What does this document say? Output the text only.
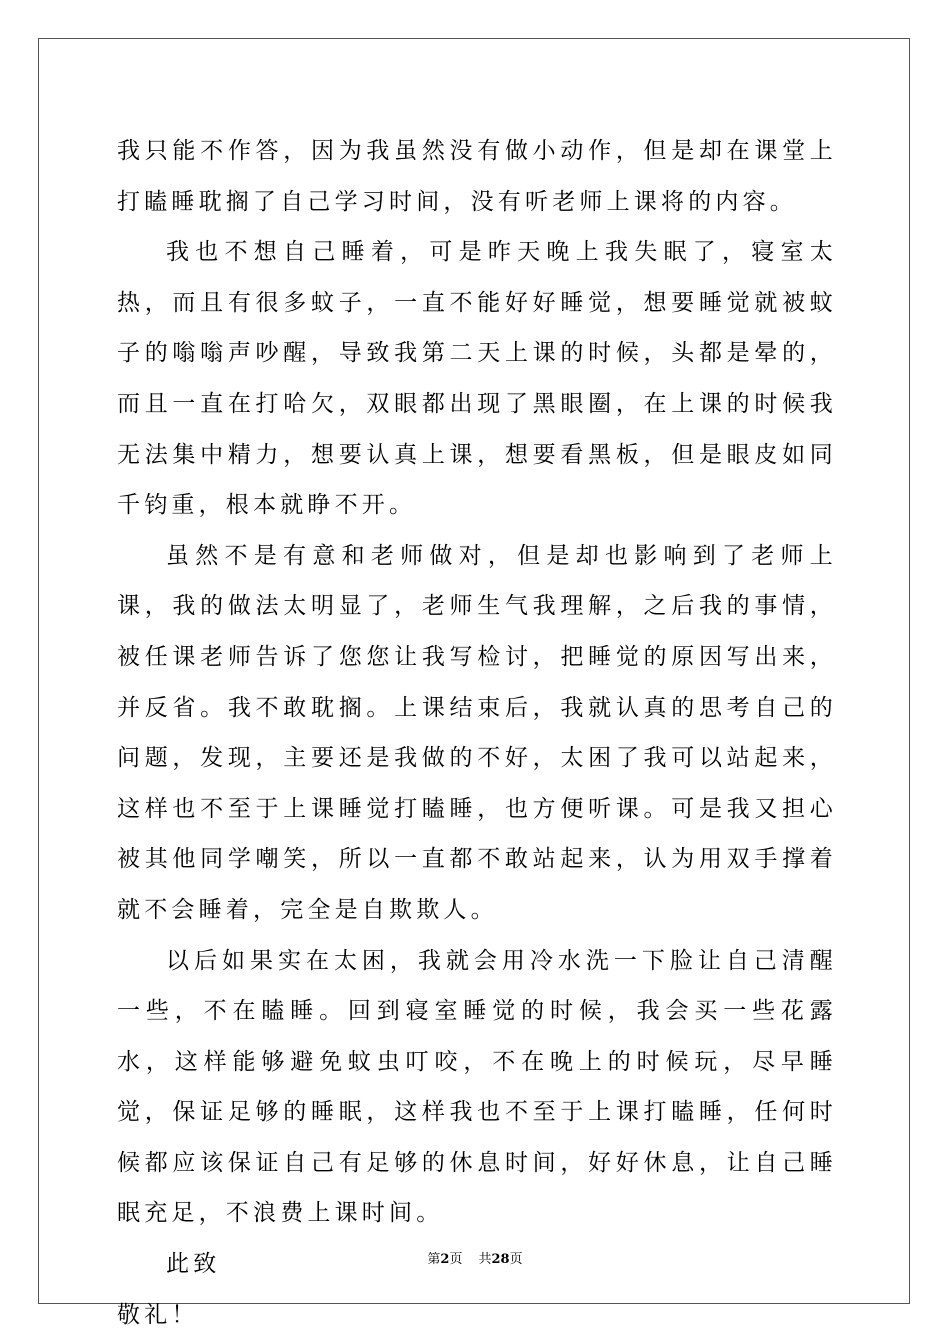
我只能不作答，因为我虽然没有做小动作，但是却在课堂上打瞌睡耽搁了自己学习时间，没有听老师上课将的内容。

我也不想自己睡着，可是昨天晚上我失眠了，寝室太热，而且有很多蚊子，一直不能好好睡觉，想要睡觉就被蚊子的嗡嗡声吵醒，导致我第二天上课的时候，头都是晕的，而且一直在打哈欠，双眼都出现了黑眼圈，在上课的时候我无法集中精力，想要认真上课，想要看黑板，但是眼皮如同千钧重，根本就睁不开。

虽然不是有意和老师做对，但是却也影响到了老师上课，我的做法太明显了，老师生气我理解，之后我的事情，被任课老师告诉了您您让我写检讨，把睡觉的原因写出来，并反省。我不敢耽搁。上课结束后，我就认真的思考自己的问题，发现，主要还是我做的不好，太困了我可以站起来，这样也不至于上课睡觉打瞌睡，也方便听课。可是我又担心被其他同学嘲笑，所以一直都不敢站起来，认为用双手撑着就不会睡着，完全是自欺欺人。

以后如果实在太困，我就会用冷水洗一下脸让自己清醒一些，不在瞌睡。回到寝室睡觉的时候，我会买一些花露水，这样能够避免蚊虫叮咬，不在晚上的时候玩，尽早睡觉，保证足够的睡眠，这样我也不至于上课打瞌睡，任何时候都应该保证自己有足够的休息时间，好好休息，让自己睡眠充足，不浪费上课时间。

此致

敬礼！

第2页 共28页
